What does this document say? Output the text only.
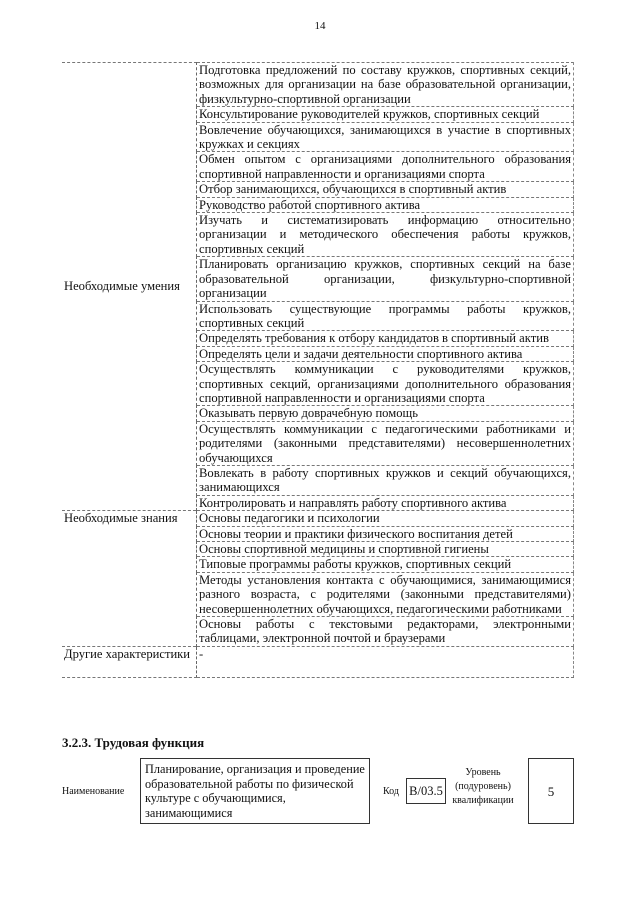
14
Необходимые умения	Подготовка предложений по составу кружков, спортивных секций, возможных для организации на базе образовательной организации, физкультурно-спортивной организации
	Консультирование руководителей кружков, спортивных секций
	Вовлечение обучающихся, занимающихся в участие в спортивных кружках и секциях
	Обмен опытом с организациями дополнительного образования спортивной направленности и организациями спорта
	Отбор занимающихся, обучающихся в спортивный актив
	Руководство работой спортивного актива
	Изучать и систематизировать информацию относительно организации и методического обеспечения работы кружков, спортивных секций
	Планировать организацию кружков, спортивных секций на базе образовательной организации, физкультурно-спортивной организации
	Использовать существующие программы работы кружков, спортивных секций
	Определять требования к отбору кандидатов в спортивный актив
	Определять цели и задачи деятельности спортивного актива
	Осуществлять коммуникации с руководителями кружков, спортивных секций, организациями дополнительного образования спортивной направленности и организациями спорта
	Оказывать первую доврачебную помощь
	Осуществлять коммуникации с педагогическими работниками и родителями (законными представителями) несовершеннолетних обучающихся
	Вовлекать в работу спортивных кружков и секций обучающихся, занимающихся
	Контролировать и направлять работу спортивного актива
Необходимые знания	Основы педагогики и психологии
	Основы теории и практики физического воспитания детей
	Основы спортивной медицины и спортивной гигиены
	Типовые программы работы кружков, спортивных секций
	Методы установления контакта с обучающимися, занимающимися разного возраста, с родителями (законными представителями) несовершеннолетних обучающихся, педагогическими работниками
	Основы работы с текстовыми редакторами, электронными таблицами, электронной почтой и браузерами
Другие характеристики	-
3.2.3. Трудовая функция
Наименование
Планирование, организация и проведение образовательной работы по физической культуре с обучающимися, занимающимися
Код B/03.5
Уровень (подуровень) квалификации
5
